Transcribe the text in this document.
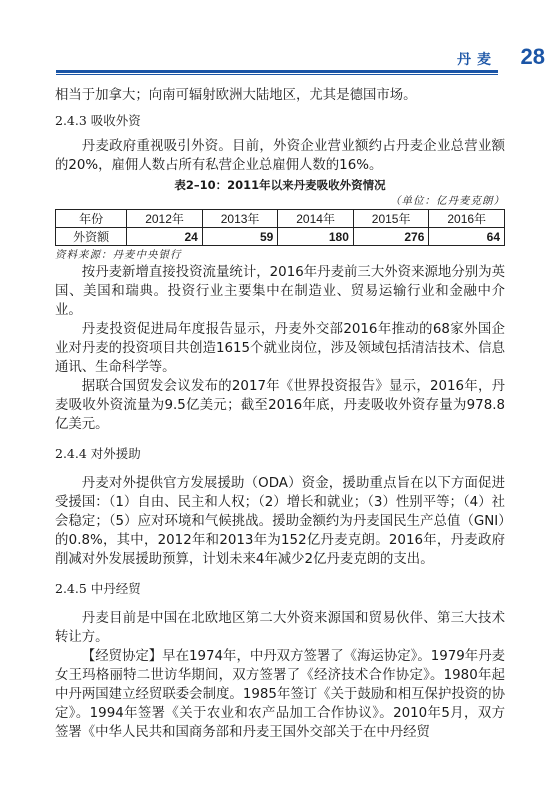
丹麦 28

相当于加拿大；向南可辐射欧洲大陆地区，尤其是德国市场。

2.4.3 吸收外资

丹麦政府重视吸引外资。目前，外资企业营业额约占丹麦企业总营业额的20%，雇佣人数占所有私营企业总雇佣人数的16%。

表2–10：2011年以来丹麦吸收外资情况

（单位：亿丹麦克朗）

年份	2012年	2013年	2014年	2015年	2016年
外资额	24	59	180	276	64

资料来源：丹麦中央银行

按丹麦新增直接投资流量统计，2016年丹麦前三大外资来源地分别为英国、美国和瑞典。投资行业主要集中在制造业、贸易运输行业和金融中介业。

丹麦投资促进局年度报告显示，丹麦外交部2016年推动的68家外国企业对丹麦的投资项目共创造1615个就业岗位，涉及领域包括清洁技术、信息通讯、生命科学等。

据联合国贸发会议发布的2017年《世界投资报告》显示，2016年，丹麦吸收外资流量为9.5亿美元；截至2016年底，丹麦吸收外资存量为978.8亿美元。

2.4.4 对外援助

丹麦对外提供官方发展援助（ODA）资金，援助重点旨在以下方面促进受援国：（1）自由、民主和人权；（2）增长和就业；（3）性别平等；（4）社会稳定；（5）应对环境和气候挑战。援助金额约为丹麦国民生产总值（GNI）的0.8%，其中，2012年和2013年为152亿丹麦克朗。2016年，丹麦政府削减对外发展援助预算，计划未来4年减少2亿丹麦克朗的支出。

2.4.5 中丹经贸

丹麦目前是中国在北欧地区第二大外资来源国和贸易伙伴、第三大技术转让方。

【经贸协定】早在1974年，中丹双方签署了《海运协定》。1979年丹麦女王玛格丽特二世访华期间，双方签署了《经济技术合作协定》。1980年起中丹两国建立经贸联委会制度。1985年签订《关于鼓励和相互保护投资的协定》。1994年签署《关于农业和农产品加工合作协议》。2010年5月，双方签署《中华人民共和国商务部和丹麦王国外交部关于在中丹经贸
